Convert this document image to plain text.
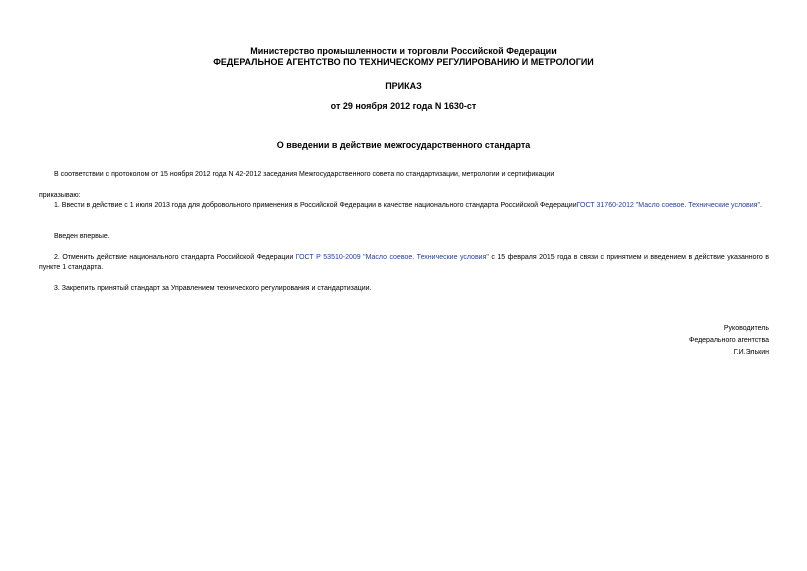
Министерство промышленности и торговли Российской Федерации
ФЕДЕРАЛЬНОЕ АГЕНТСТВО ПО ТЕХНИЧЕСКОМУ РЕГУЛИРОВАНИЮ И МЕТРОЛОГИИ
ПРИКАЗ
от 29 ноября 2012 года N 1630-ст
О введении в действие межгосударственного стандарта
В соответствии с протоколом от 15 ноября 2012 года N 42-2012 заседания Межгосударственного совета по стандартизации, метрологии и сертификации
приказываю:
1. Ввести в действие с 1 июля 2013 года для добровольного применения в Российской Федерации в качестве национального стандарта Российской ФедерацииГОСТ 31760-2012 "Масло соевое. Технические условия".
Введен впервые.
2. Отменить действие национального стандарта Российской Федерации ГОСТ Р 53510-2009 "Масло соевое. Технические условия" с 15 февраля 2015 года в связи с принятием и введением в действие указанного в пункте 1 стандарта.
3. Закрепить принятый стандарт за Управлением технического регулирования и стандартизации.
Руководитель
Федерального агентства
Г.И.Элькин
